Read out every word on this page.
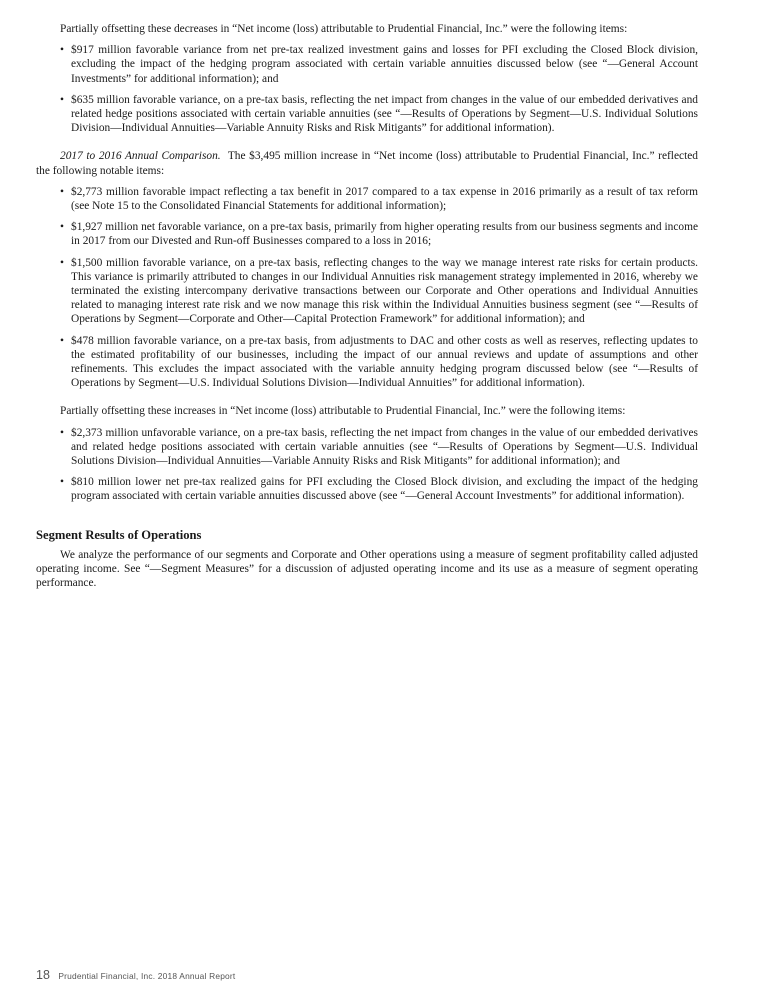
Partially offsetting these decreases in “Net income (loss) attributable to Prudential Financial, Inc.” were the following items:

• $917 million favorable variance from net pre-tax realized investment gains and losses for PFI excluding the Closed Block division, excluding the impact of the hedging program associated with certain variable annuities discussed below (see “—General Account Investments” for additional information); and
• $635 million favorable variance, on a pre-tax basis, reflecting the net impact from changes in the value of our embedded derivatives and related hedge positions associated with certain variable annuities (see “—Results of Operations by Segment—U.S. Individual Solutions Division—Individual Annuities—Variable Annuity Risks and Risk Mitigants” for additional information).

2017 to 2016 Annual Comparison. The $3,495 million increase in “Net income (loss) attributable to Prudential Financial, Inc.” reflected the following notable items:

• $2,773 million favorable impact reflecting a tax benefit in 2017 compared to a tax expense in 2016 primarily as a result of tax reform (see Note 15 to the Consolidated Financial Statements for additional information);
• $1,927 million net favorable variance, on a pre-tax basis, primarily from higher operating results from our business segments and income in 2017 from our Divested and Run-off Businesses compared to a loss in 2016;
• $1,500 million favorable variance, on a pre-tax basis, reflecting changes to the way we manage interest rate risks for certain products. This variance is primarily attributed to changes in our Individual Annuities risk management strategy implemented in 2016, whereby we terminated the existing intercompany derivative transactions between our Corporate and Other operations and Individual Annuities related to managing interest rate risk and we now manage this risk within the Individual Annuities business segment (see “—Results of Operations by Segment—Corporate and Other—Capital Protection Framework” for additional information); and
• $478 million favorable variance, on a pre-tax basis, from adjustments to DAC and other costs as well as reserves, reflecting updates to the estimated profitability of our businesses, including the impact of our annual reviews and update of assumptions and other refinements. This excludes the impact associated with the variable annuity hedging program discussed below (see “—Results of Operations by Segment—U.S. Individual Solutions Division—Individual Annuities” for additional information).

Partially offsetting these increases in “Net income (loss) attributable to Prudential Financial, Inc.” were the following items:

• $2,373 million unfavorable variance, on a pre-tax basis, reflecting the net impact from changes in the value of our embedded derivatives and related hedge positions associated with certain variable annuities (see “—Results of Operations by Segment—U.S. Individual Solutions Division—Individual Annuities—Variable Annuity Risks and Risk Mitigants” for additional information); and
• $810 million lower net pre-tax realized gains for PFI excluding the Closed Block division, and excluding the impact of the hedging program associated with certain variable annuities discussed above (see “—General Account Investments” for additional information).
Segment Results of Operations

We analyze the performance of our segments and Corporate and Other operations using a measure of segment profitability called adjusted operating income. See “—Segment Measures” for a discussion of adjusted operating income and its use as a measure of segment operating performance.

18 Prudential Financial, Inc. 2018 Annual Report
